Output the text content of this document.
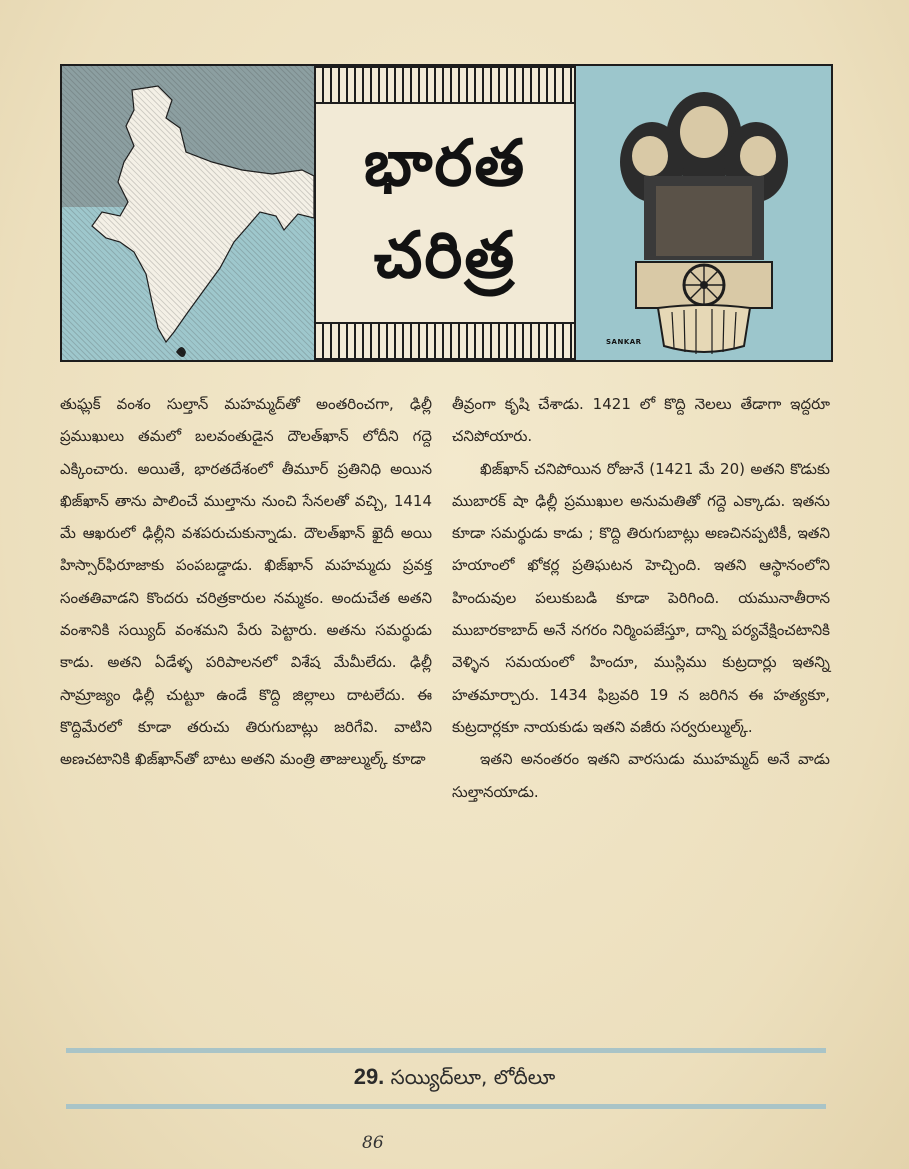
భారత
చరిత్ర
SANKAR

తుఘ్లక్ వంశం సుల్తాన్ మహమ్మద్‌తో అంతరించగా, ఢిల్లీ ప్రముఖులు తమలో బలవంతుడైన దౌలత్‌ఖాన్ లోదీని గద్దె ఎక్కించారు. అయితే, భారతదేశంలో తీమూర్ ప్రతినిధి అయిన ఖిజ్‌ఖాన్ తాను పాలించే ముల్తాను నుంచి సేనలతో వచ్చి, 1414 మే ఆఖరులో ఢిల్లీని వశపరుచుకున్నాడు. దౌలత్‌ఖాన్ ఖైదీ అయి హిస్సార్‌ఫిరూజాకు పంపబడ్డాడు. ఖిజ్‌ఖాన్ మహమ్మదు ప్రవక్త సంతతివాడని కొందరు చరిత్రకారుల నమ్మకం. అందుచేత అతని వంశానికి సయ్యిద్ వంశమని పేరు పెట్టారు. అతను సమర్థుడు కాడు. అతని ఏడేళ్ళ పరిపాలనలో విశేష మేమీలేదు. ఢిల్లీ సామ్రాజ్యం ఢిల్లీ చుట్టూ ఉండే కొద్ది జిల్లాలు దాటలేదు. ఈ కొద్దిమేరలో కూడా తరుచు తిరుగుబాట్లు జరిగేవి. వాటిని అణచటానికి ఖిజ్‌ఖాన్‌తో బాటు అతని మంత్రి తాజుల్ముల్క్ కూడా

తీవ్రంగా కృషి చేశాడు. 1421 లో కొద్ది నెలలు తేడాగా ఇద్దరూ చనిపోయారు.

ఖిజ్‌ఖాన్ చనిపోయిన రోజునే (1421 మే 20) అతని కొడుకు ముబారక్ షా ఢిల్లీ ప్రముఖుల అనుమతితో గద్దె ఎక్కాడు. ఇతను కూడా సమర్థుడు కాడు ; కొద్ది తిరుగుబాట్లు అణచినప్పటికీ, ఇతని హయాంలో ఖోకర్ల ప్రతిఘటన హెచ్చింది. ఇతని ఆస్థానంలోని హిందువుల పలుకుబడి కూడా పెరిగింది. యమునాతీరాన ముబారకాబాద్ అనే నగరం నిర్మింపజేస్తూ, దాన్ని పర్యవేక్షించటానికి వెళ్ళిన సమయంలో హిందూ, ముస్లిము కుట్రదార్లు ఇతన్ని హతమార్చారు. 1434 ఫిబ్రవరి 19 న జరిగిన ఈ హత్యకూ, కుట్రదార్లకూ నాయకుడు ఇతని వజీరు సర్వరుల్ముల్క్.

ఇతని అనంతరం ఇతని వారసుడు ముహమ్మద్ అనే వాడు సుల్తానయాడు.

29. సయ్యిద్‌లూ, లోదీలూ
86
